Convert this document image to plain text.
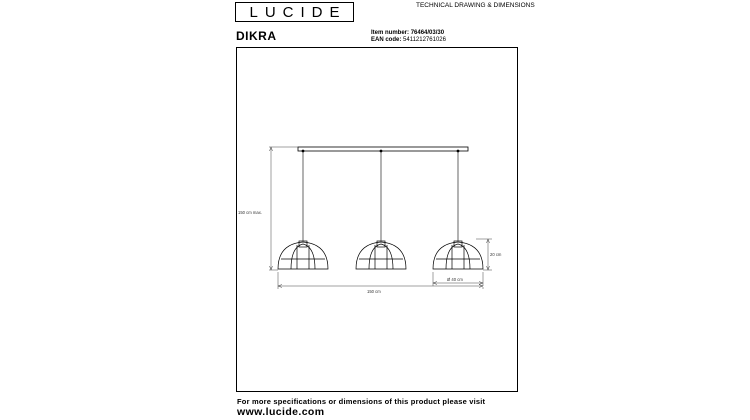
LUCIDE	TECHNICAL DRAWING & DIMENSIONS
DIKRA	Item number: 76464/03/30
EAN code: 5411212761026
150 cm max.
20 cm
Ø 40 cm
150 cm
For more specifications or dimensions of this product please visit
www.lucide.com
